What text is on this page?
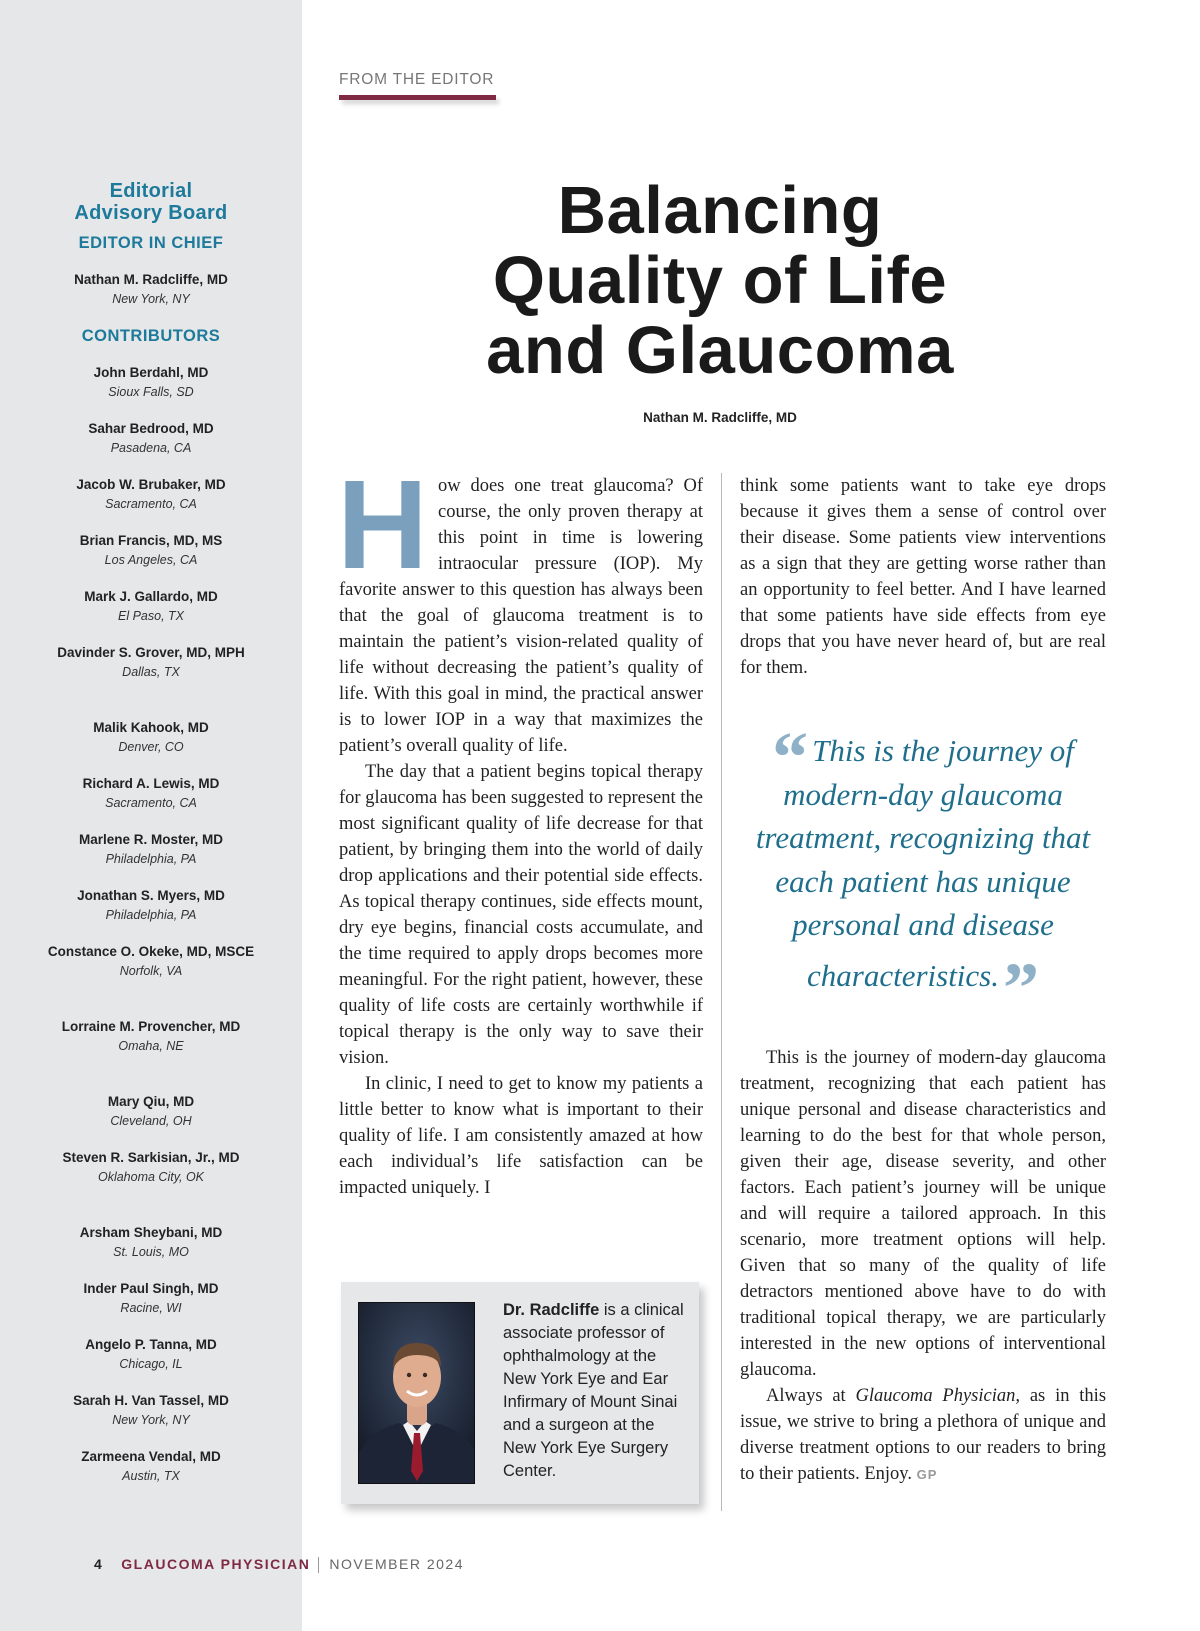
Editorial
Advisory Board
EDITOR IN CHIEF
Nathan M. Radcliffe, MD
New York, NY
CONTRIBUTORS
John Berdahl, MD
Sioux Falls, SD
Sahar Bedrood, MD
Pasadena, CA
Jacob W. Brubaker, MD
Sacramento, CA
Brian Francis, MD, MS
Los Angeles, CA
Mark J. Gallardo, MD
El Paso, TX
Davinder S. Grover, MD, MPH
Dallas, TX
Malik Kahook, MD
Denver, CO
Richard A. Lewis, MD
Sacramento, CA
Marlene R. Moster, MD
Philadelphia, PA
Jonathan S. Myers, MD
Philadelphia, PA
Constance O. Okeke, MD, MSCE
Norfolk, VA
Lorraine M. Provencher, MD
Omaha, NE
Mary Qiu, MD
Cleveland, OH
Steven R. Sarkisian, Jr., MD
Oklahoma City, OK
Arsham Sheybani, MD
St. Louis, MO
Inder Paul Singh, MD
Racine, WI
Angelo P. Tanna, MD
Chicago, IL
Sarah H. Van Tassel, MD
New York, NY
Zarmeena Vendal, MD
Austin, TX
FROM THE EDITOR
Balancing
Quality of Life
and Glaucoma
Nathan M. Radcliffe, MD

How does one treat glaucoma? Of course, the only proven therapy at this point in time is lowering intraocular pressure (IOP). My favorite answer to this question has always been that the goal of glaucoma treatment is to maintain the patient’s vision-related quality of life without decreasing the patient’s quality of life. With this goal in mind, the practical answer is to lower IOP in a way that maximizes the patient’s overall quality of life.

The day that a patient begins topical therapy for glaucoma has been suggested to represent the most significant quality of life decrease for that patient, by bringing them into the world of daily drop applications and their potential side effects. As topical therapy continues, side effects mount, dry eye begins, financial costs accumulate, and the time required to apply drops becomes more meaningful. For the right patient, however, these quality of life costs are certainly worthwhile if topical therapy is the only way to save their vision.

In clinic, I need to get to know my patients a little better to know what is important to their quality of life. I am consistently amazed at how each individual’s life satisfaction can be impacted uniquely. I

think some patients want to take eye drops because it gives them a sense of control over their disease. Some patients view interventions as a sign that they are getting worse rather than an opportunity to feel better. And I have learned that some patients have side effects from eye drops that you have never heard of, but are real for them.

“ This is the journey of modern-day glaucoma treatment, recognizing that each patient has unique personal and disease characteristics.”

This is the journey of modern-day glaucoma treatment, recognizing that each patient has unique personal and disease characteristics and learning to do the best for that whole person, given their age, disease severity, and other factors. Each patient’s journey will be unique and will require a tailored approach. In this scenario, more treatment options will help. Given that so many of the quality of life detractors mentioned above have to do with traditional topical therapy, we are particularly interested in the new options of interventional glaucoma.

Always at Glaucoma Physician, as in this issue, we strive to bring a plethora of unique and diverse treatment options to our readers to bring to their patients. Enjoy. GP

Dr. Radcliffe is a clinical associate professor of ophthalmology at the New York Eye and Ear Infirmary of Mount Sinai and a surgeon at the New York Eye Surgery Center.
4 GLAUCOMA PHYSICIAN NOVEMBER 2024
